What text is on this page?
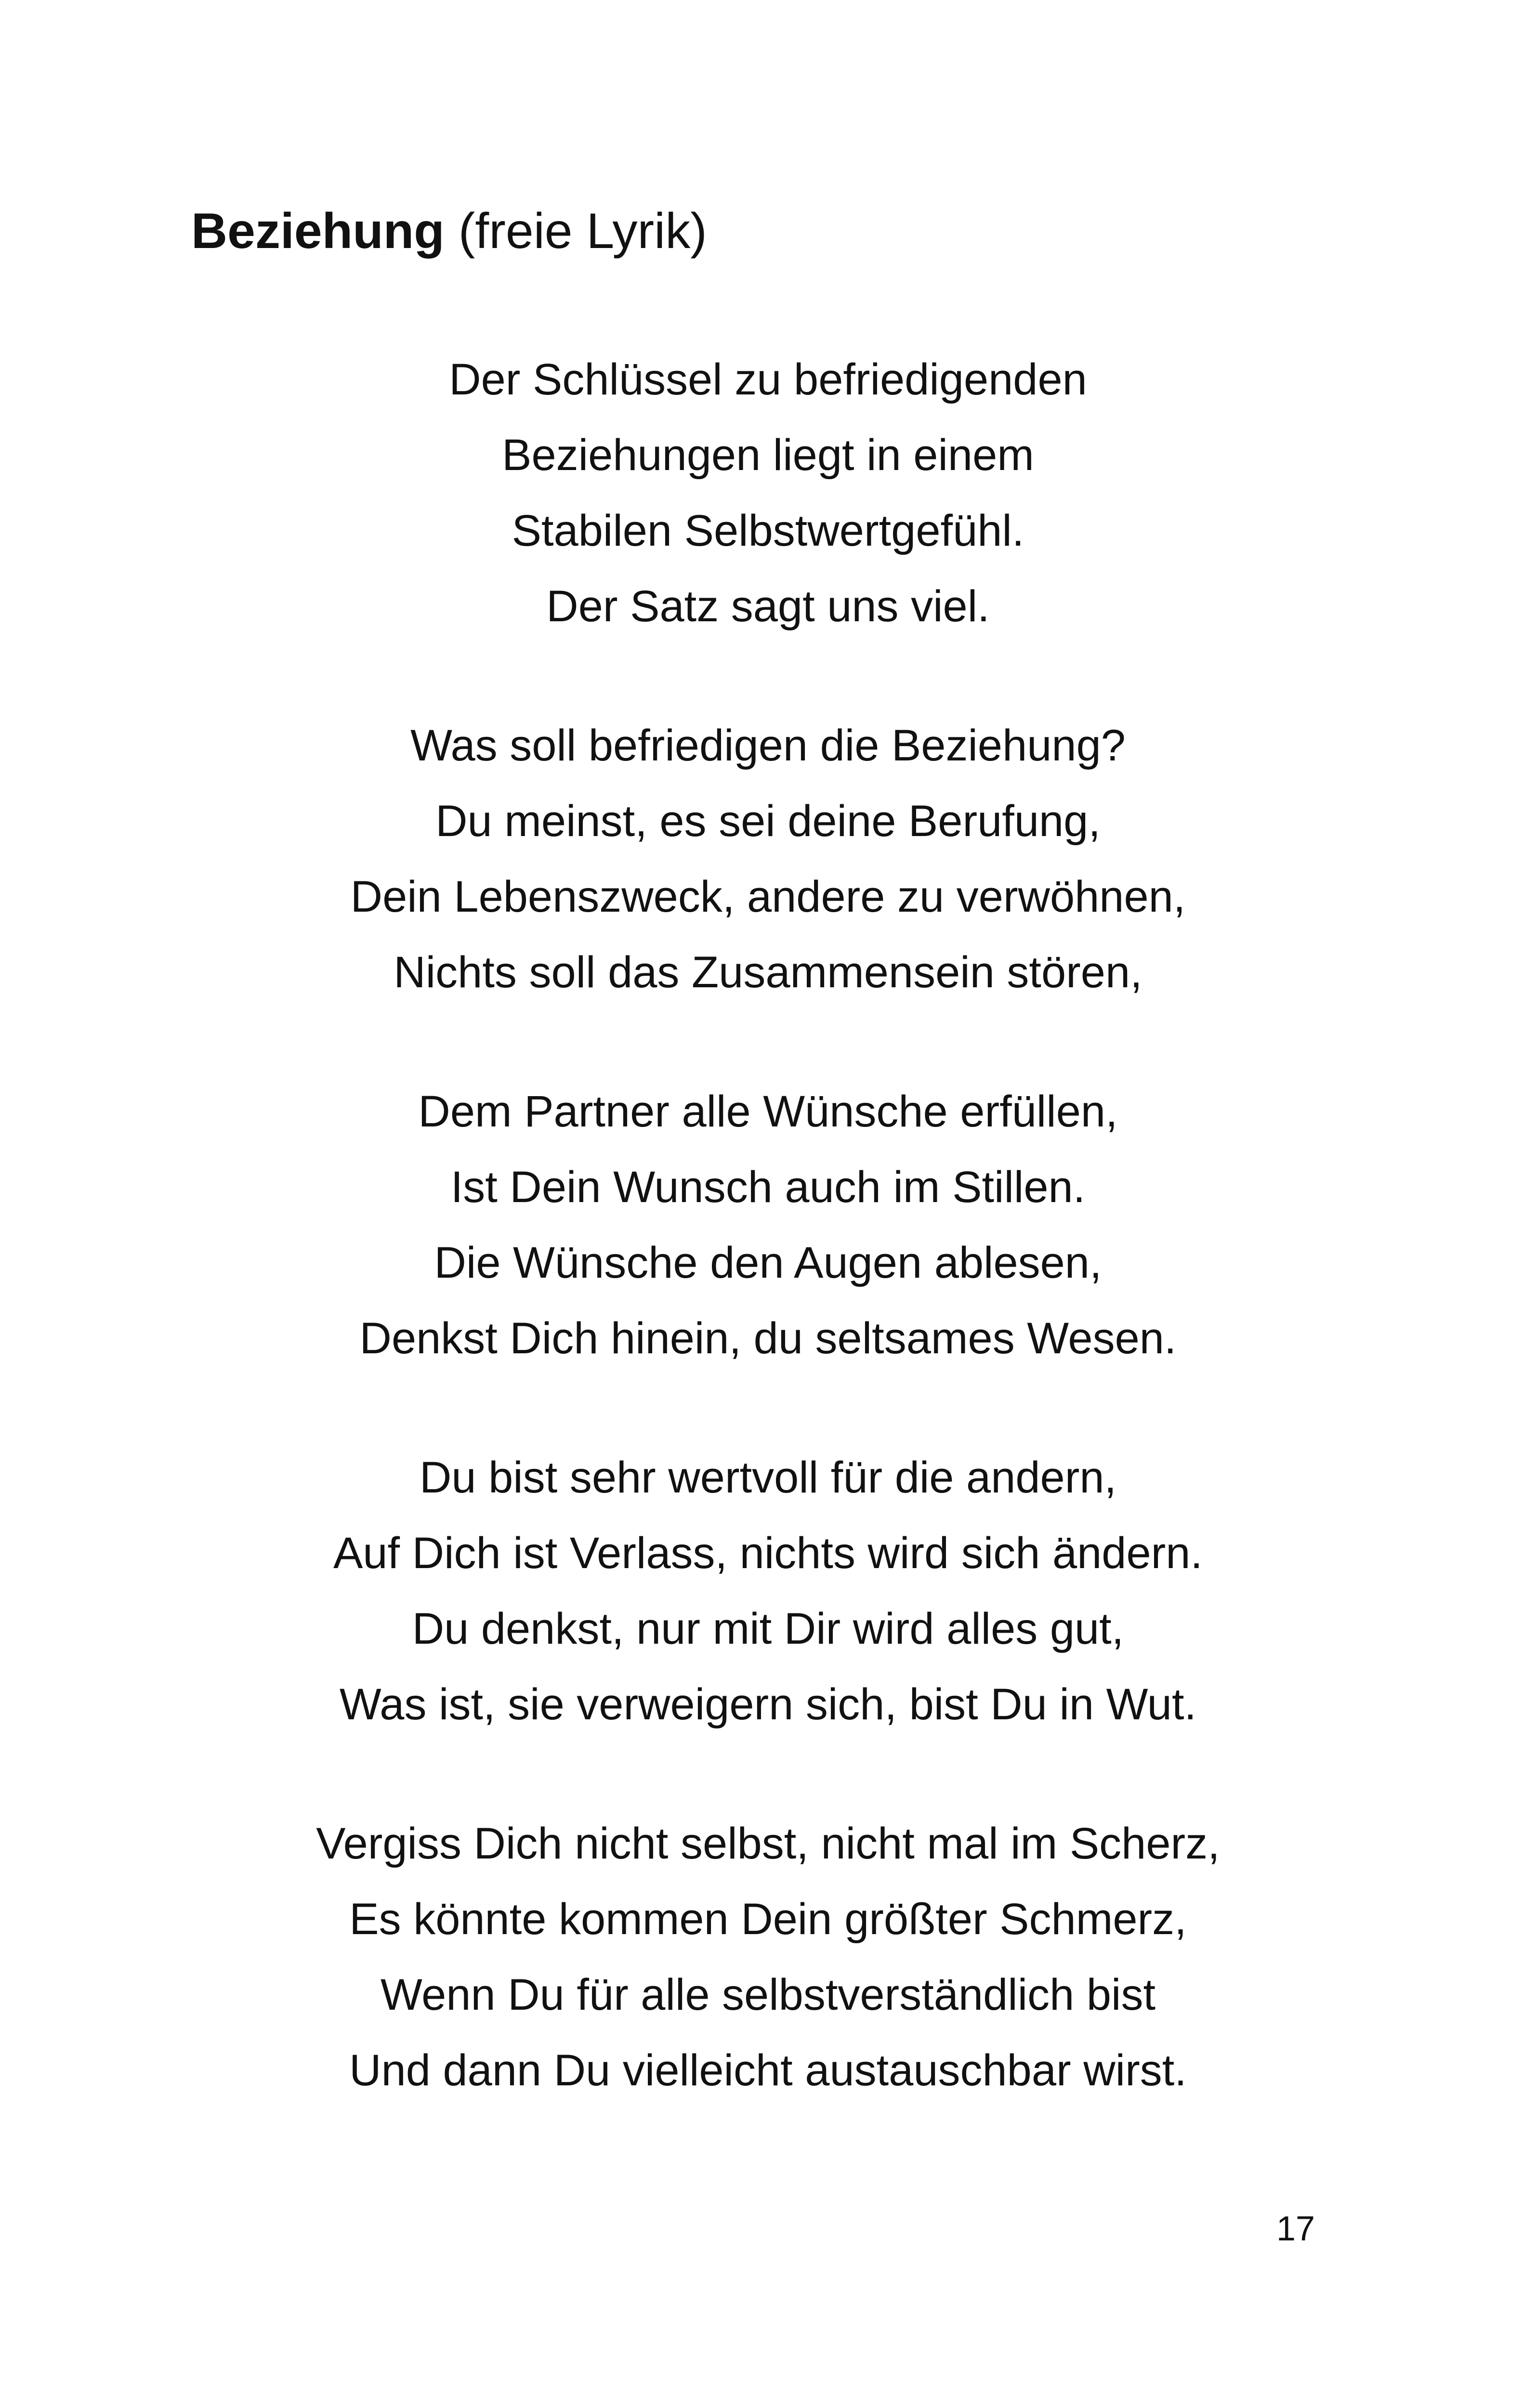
Beziehung (freie Lyrik)
Der Schlüssel zu befriedigenden
Beziehungen liegt in einem
Stabilen Selbstwertgefühl.
Der Satz sagt uns viel.
Was soll befriedigen die Beziehung?
Du meinst, es sei deine Berufung,
Dein Lebenszweck, andere zu verwöhnen,
Nichts soll das Zusammensein stören,
Dem Partner alle Wünsche erfüllen,
Ist Dein Wunsch auch im Stillen.
Die Wünsche den Augen ablesen,
Denkst Dich hinein, du seltsames Wesen.
Du bist sehr wertvoll für die andern,
Auf Dich ist Verlass, nichts wird sich ändern.
Du denkst, nur mit Dir wird alles gut,
Was ist, sie verweigern sich, bist Du in Wut.
Vergiss Dich nicht selbst, nicht mal im Scherz,
Es könnte kommen Dein größter Schmerz,
Wenn Du für alle selbstverständlich bist
Und dann Du vielleicht austauschbar wirst.
17
